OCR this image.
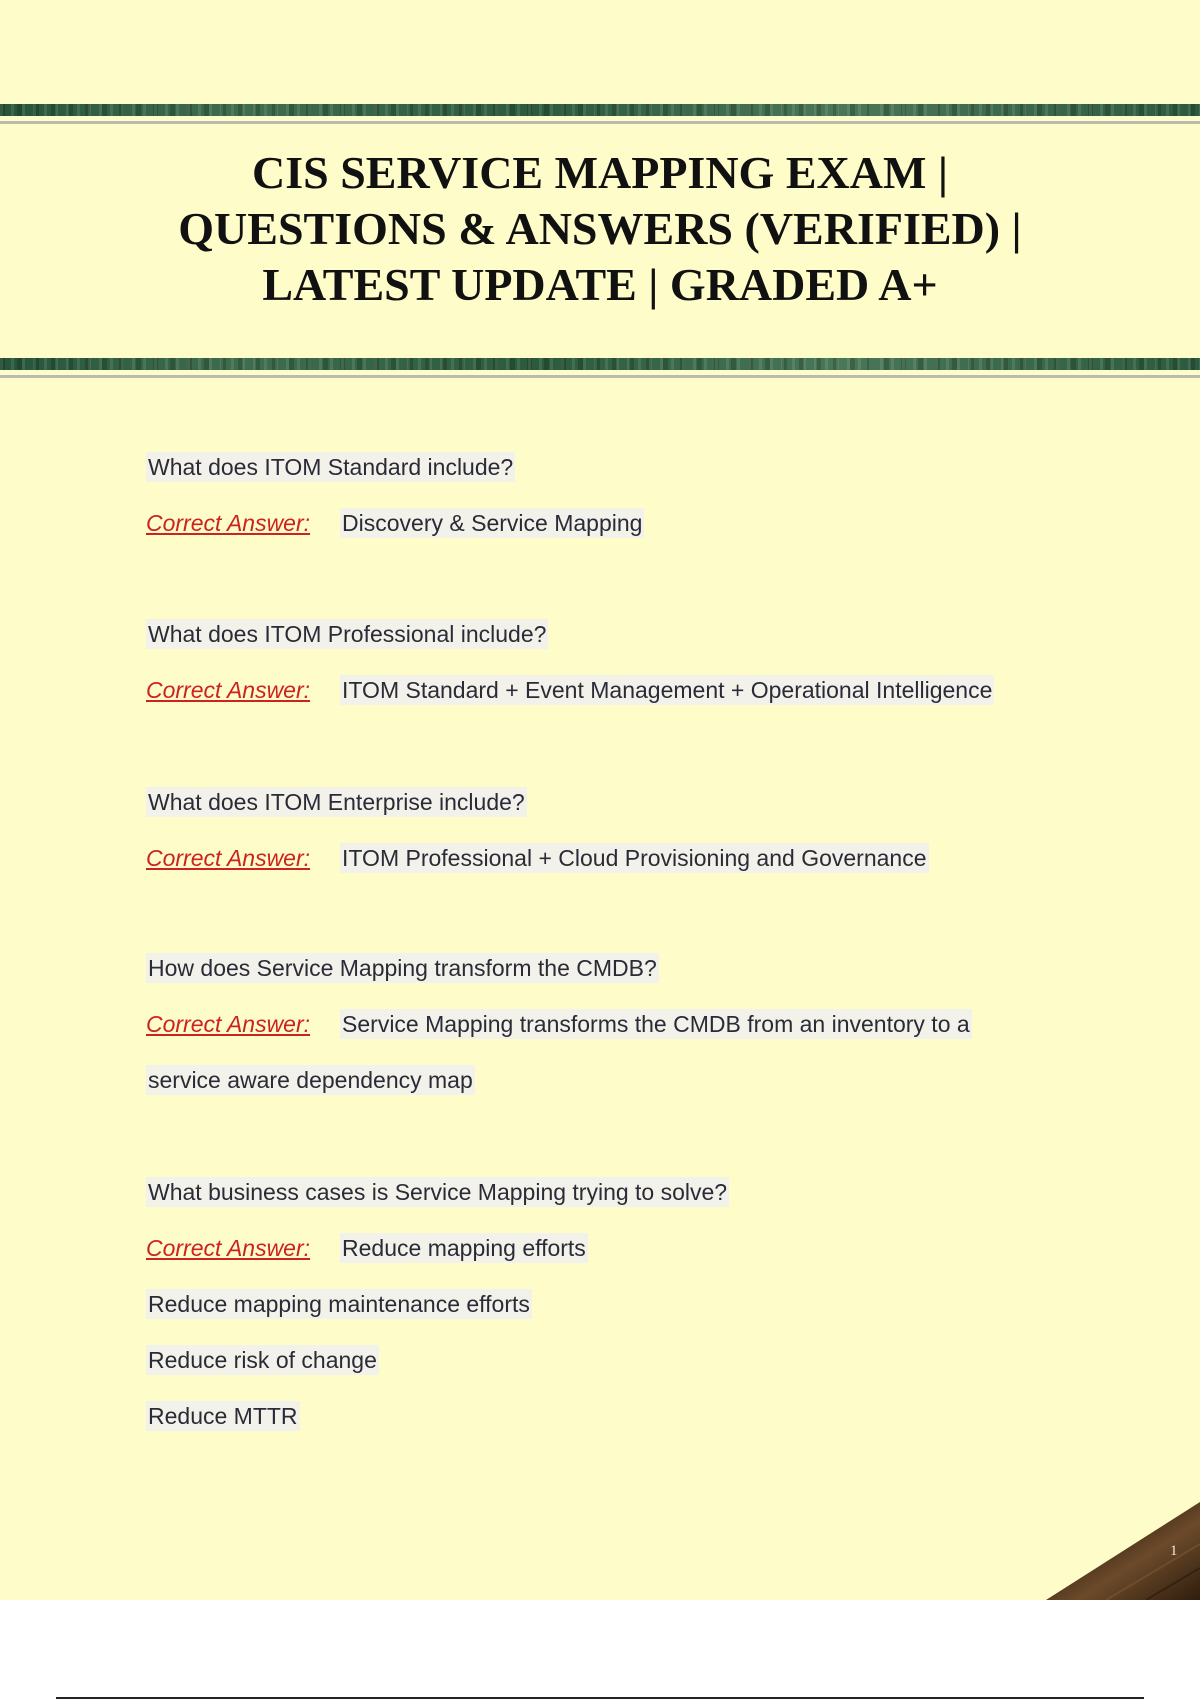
CIS SERVICE MAPPING EXAM |
QUESTIONS & ANSWERS (VERIFIED) |
LATEST UPDATE | GRADED A+
What does ITOM Standard include?
Correct Answer: Discovery & Service Mapping
What does ITOM Professional include?
Correct Answer: ITOM Standard + Event Management + Operational Intelligence
What does ITOM Enterprise include?
Correct Answer: ITOM Professional + Cloud Provisioning and Governance
How does Service Mapping transform the CMDB?
Correct Answer: Service Mapping transforms the CMDB from an inventory to a
service aware dependency map
What business cases is Service Mapping trying to solve?
Correct Answer: Reduce mapping efforts
Reduce mapping maintenance efforts
Reduce risk of change
Reduce MTTR
1
